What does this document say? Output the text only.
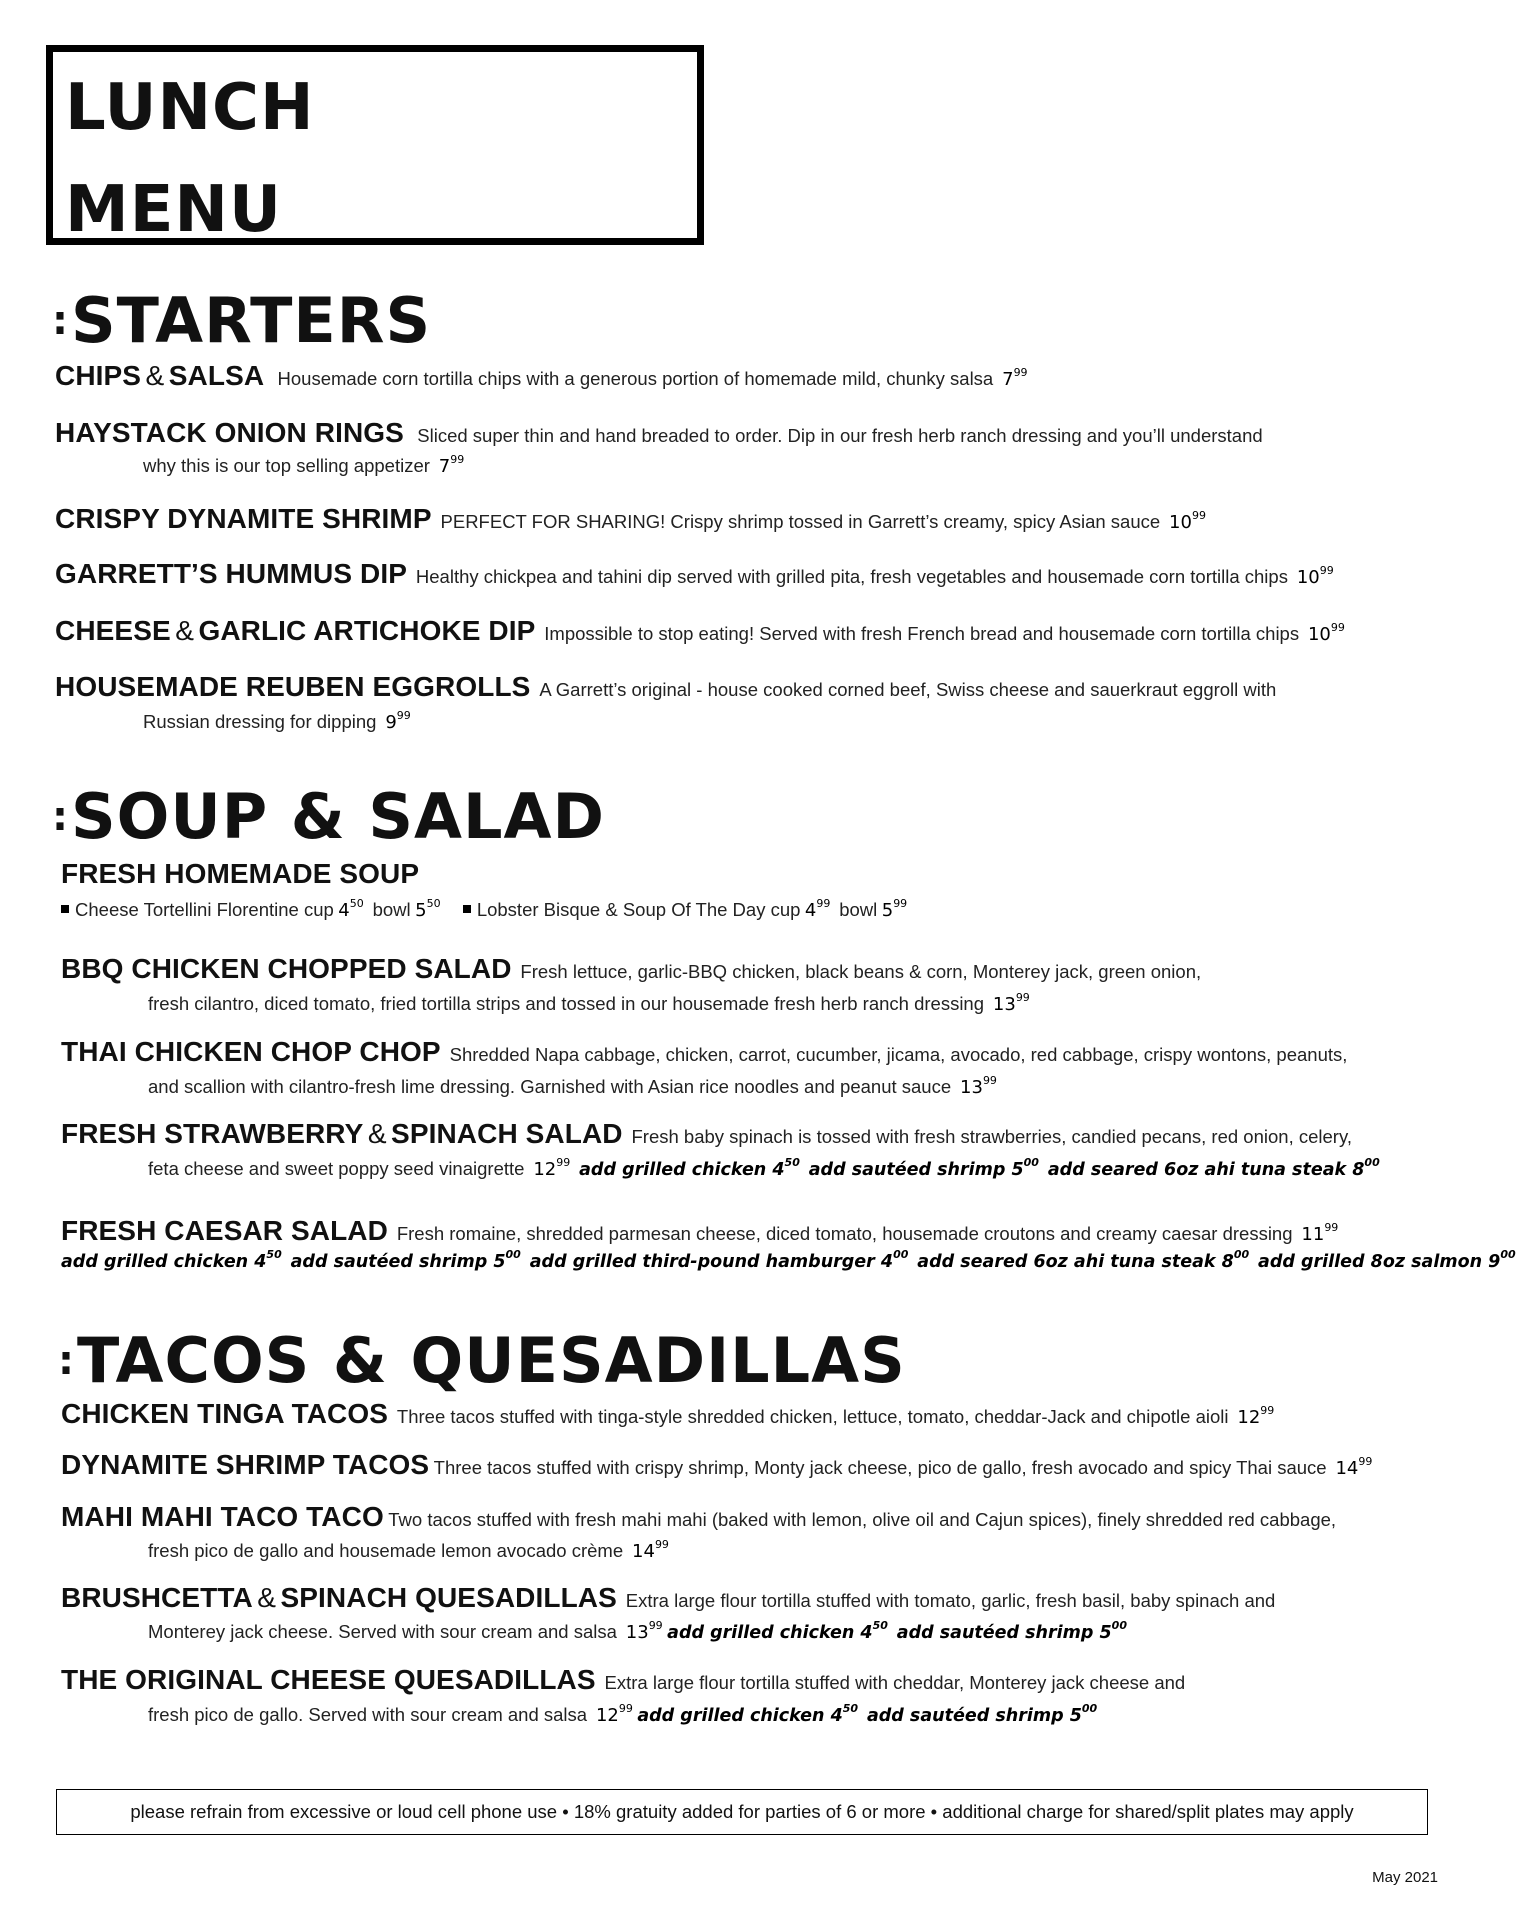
LUNCH
MENU
:STARTERS
CHIPS & SALSA Housemade corn tortilla chips with a generous portion of homemade mild, chunky salsa $7^{99}$
HAYSTACK ONION RINGS Sliced super thin and hand breaded to order. Dip in our fresh herb ranch dressing and you’ll understand
why this is our top selling appetizer $7^{99}$
CRISPY DYNAMITE SHRIMP PERFECT FOR SHARING! Crispy shrimp tossed in Garrett’s creamy, spicy Asian sauce $10^{99}$
GARRETT’S HUMMUS DIP Healthy chickpea and tahini dip served with grilled pita, fresh vegetables and housemade corn tortilla chips $10^{99}$
CHEESE & GARLIC ARTICHOKE DIP Impossible to stop eating! Served with fresh French bread and housemade corn tortilla chips $10^{99}$
HOUSEMADE REUBEN EGGROLLS A Garrett’s original - house cooked corned beef, Swiss cheese and sauerkraut eggroll with
Russian dressing for dipping $9^{99}$
:SOUP & SALAD
FRESH HOMEMADE SOUP
Cheese Tortellini Florentine cup $4^{50}$ bowl $5^{50}$ Lobster Bisque & Soup Of The Day cup $4^{99}$ bowl $5^{99}$
BBQ CHICKEN CHOPPED SALAD Fresh lettuce, garlic-BBQ chicken, black beans & corn, Monterey jack, green onion,
fresh cilantro, diced tomato, fried tortilla strips and tossed in our housemade fresh herb ranch dressing $13^{99}$
THAI CHICKEN CHOP CHOP Shredded Napa cabbage, chicken, carrot, cucumber, jicama, avocado, red cabbage, crispy wontons, peanuts,
and scallion with cilantro-fresh lime dressing. Garnished with Asian rice noodles and peanut sauce $13^{99}$
FRESH STRAWBERRY & SPINACH SALAD Fresh baby spinach is tossed with fresh strawberries, candied pecans, red onion, celery,
feta cheese and sweet poppy seed vinaigrette $12^{99}$ add grilled chicken $4^{50}$ add sautéed shrimp $5^{00}$ add seared 6oz ahi tuna steak $8^{00}$
FRESH CAESAR SALAD Fresh romaine, shredded parmesan cheese, diced tomato, housemade croutons and creamy caesar dressing $11^{99}$
add grilled chicken $4^{50}$ add sautéed shrimp $5^{00}$ add grilled third-pound hamburger $4^{00}$ add seared 6oz ahi tuna steak $8^{00}$ add grilled 8oz salmon $9^{00}$
:TACOS & QUESADILLAS
CHICKEN TINGA TACOS Three tacos stuffed with tinga-style shredded chicken, lettuce, tomato, cheddar-Jack and chipotle aioli $12^{99}$
DYNAMITE SHRIMP TACOS Three tacos stuffed with crispy shrimp, Monty jack cheese, pico de gallo, fresh avocado and spicy Thai sauce $14^{99}$
MAHI MAHI TACO TACO Two tacos stuffed with fresh mahi mahi (baked with lemon, olive oil and Cajun spices), finely shredded red cabbage,
fresh pico de gallo and housemade lemon avocado crème $14^{99}$
BRUSHCETTA & SPINACH QUESADILLAS Extra large flour tortilla stuffed with tomato, garlic, fresh basil, baby spinach and
Monterey jack cheese. Served with sour cream and salsa $13^{99}$ add grilled chicken $4^{50}$ add sautéed shrimp $5^{00}$
THE ORIGINAL CHEESE QUESADILLAS Extra large flour tortilla stuffed with cheddar, Monterey jack cheese and
fresh pico de gallo. Served with sour cream and salsa $12^{99}$ add grilled chicken $4^{50}$ add sautéed shrimp $5^{00}$
please refrain from excessive or loud cell phone use • 18% gratuity added for parties of 6 or more • additional charge for shared/split plates may apply
May 2021
